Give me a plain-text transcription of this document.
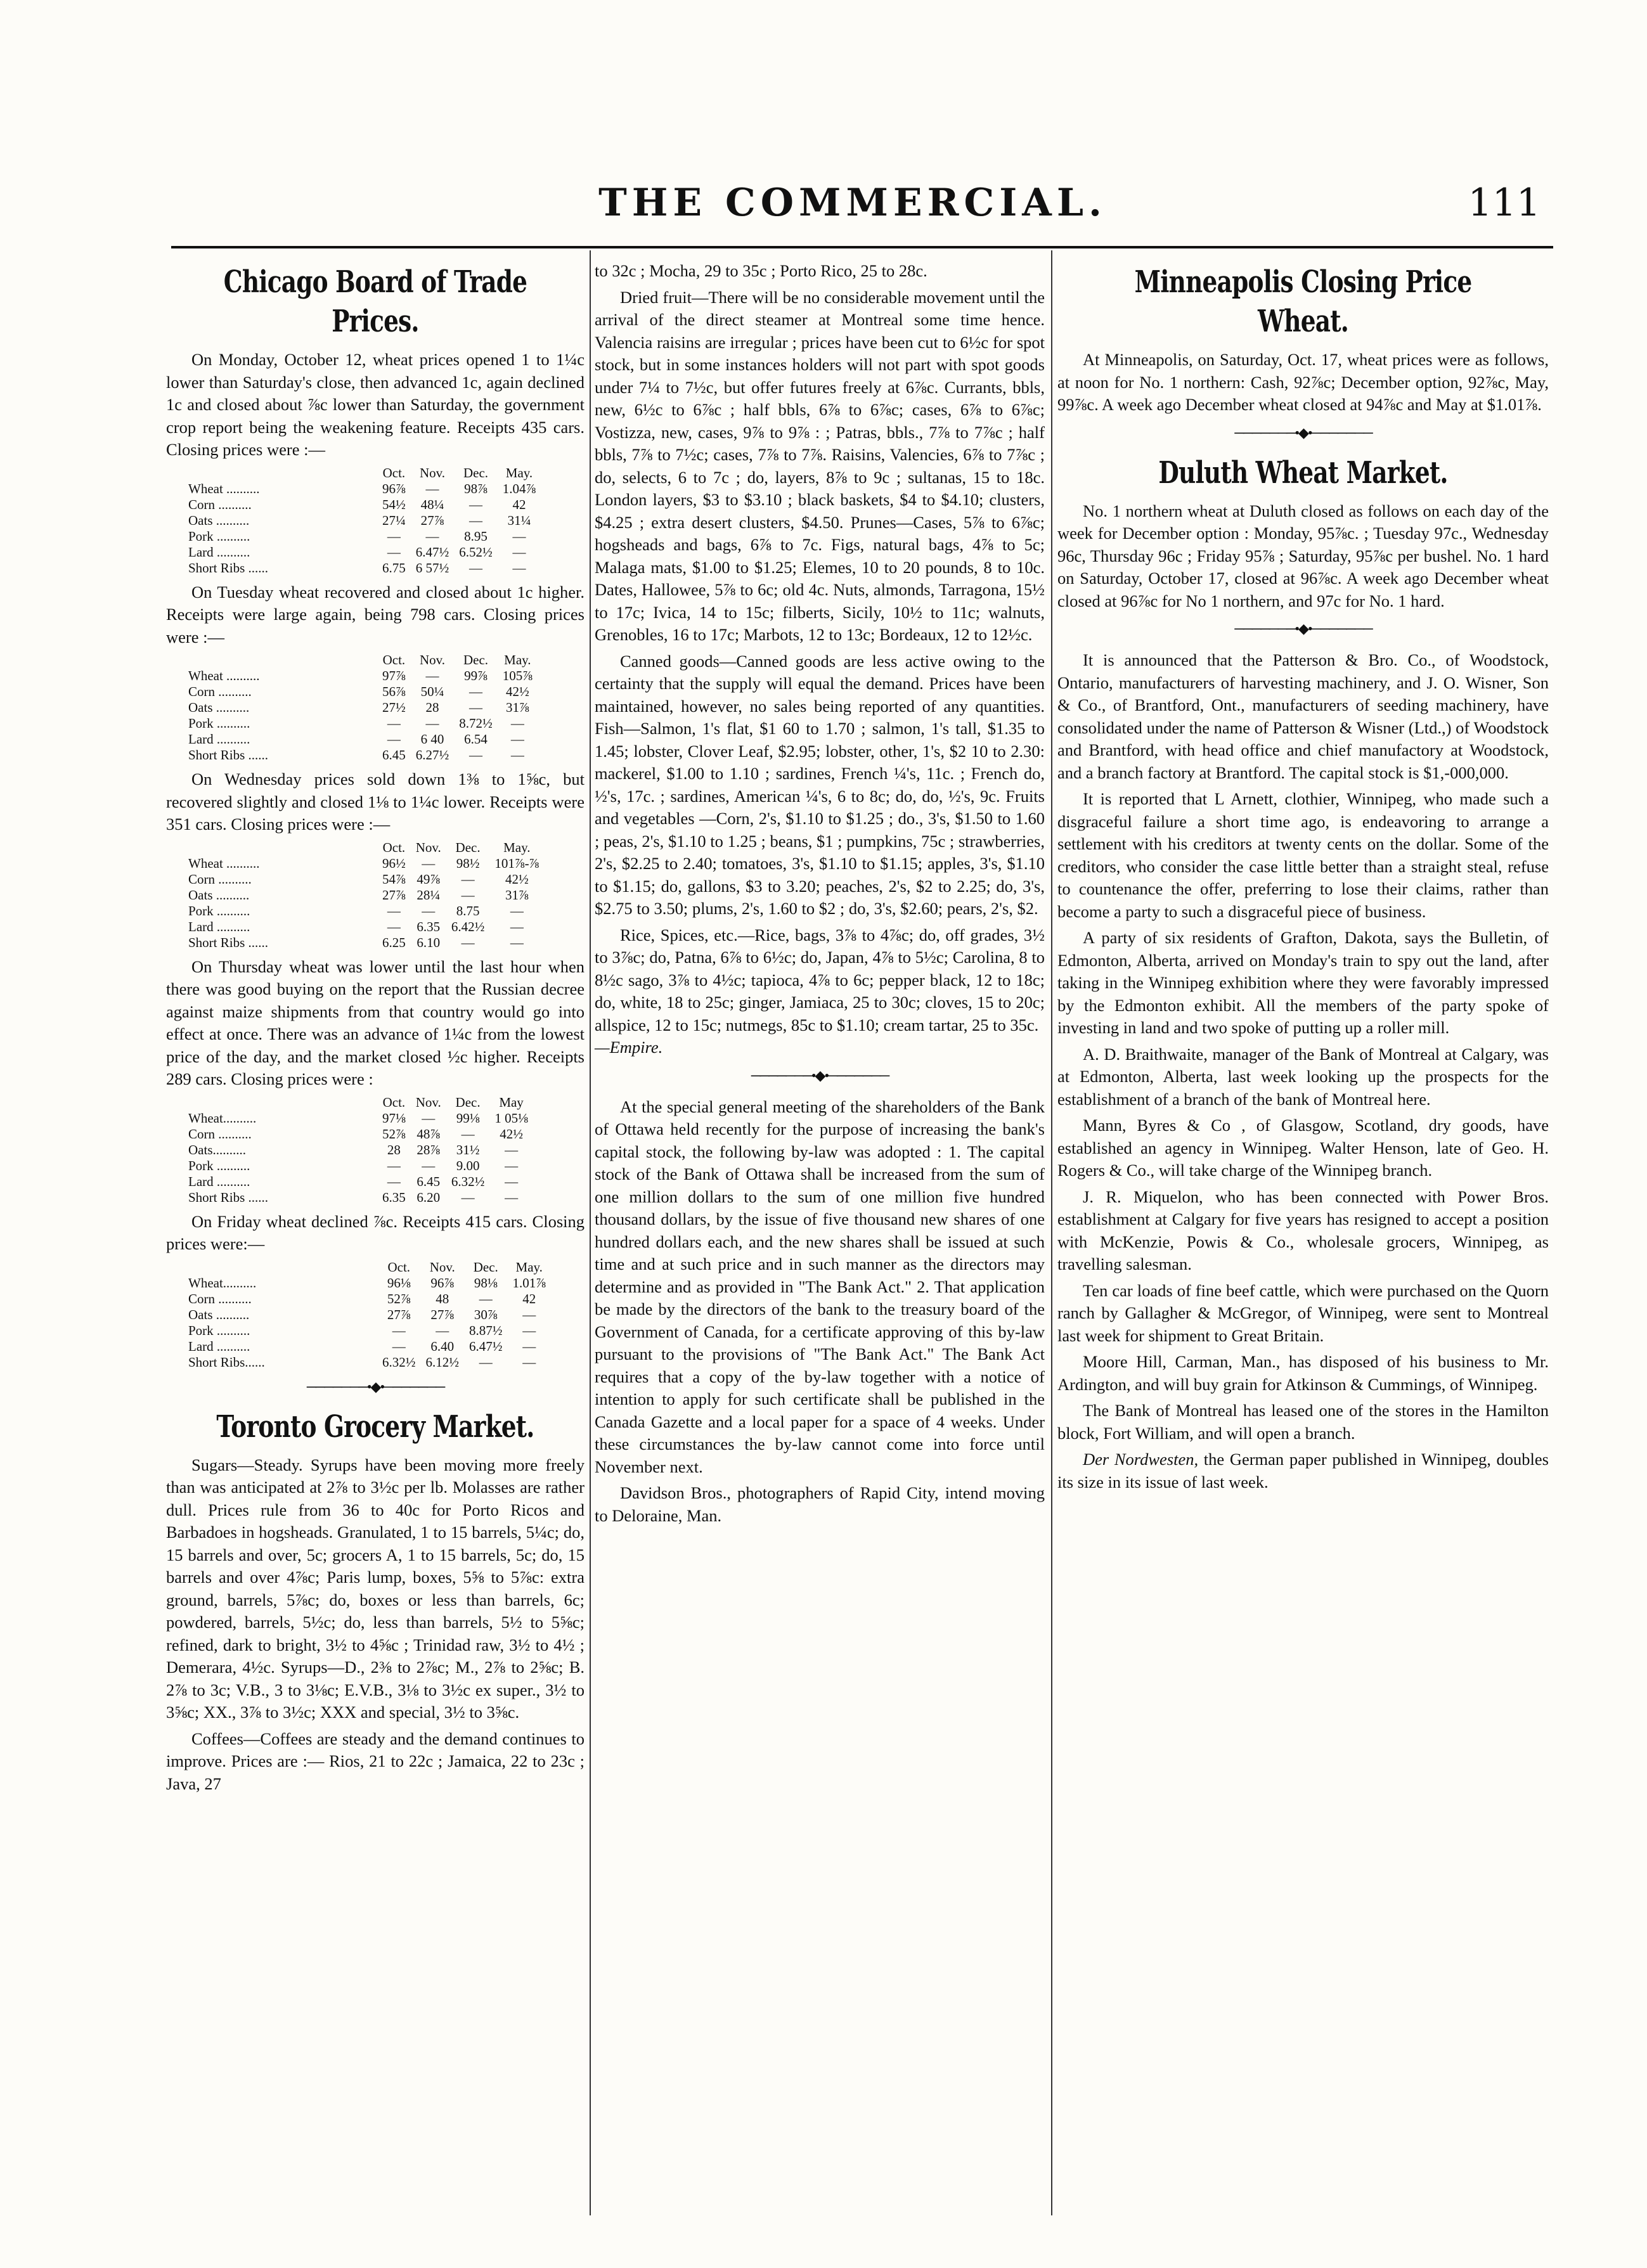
THE COMMERCIAL.	111
Chicago Board of Trade Prices.

On Monday, October 12, wheat prices opened 1 to 1¼c lower than Saturday's close, then advanced 1c, again declined 1c and closed about ⅞c lower than Saturday, the government crop report being the weakening feature. Receipts 435 cars. Closing prices were :—

	Oct.	Nov.	Dec.	May.
Wheat ..........	96⅞	—	98⅞	1.04⅞
Corn ..........	54½	48¼	—	42
Oats ..........	27¼	27⅞	—	31¼
Pork ..........	—	—	8.95	—
Lard ..........	—	6.47½	6.52½	—
Short Ribs ......	6.75	6 57½	—	—

On Tuesday wheat recovered and closed about 1c higher. Receipts were large again, being 798 cars. Closing prices were :—

	Oct.	Nov.	Dec.	May.
Wheat ..........	97⅞	—	99⅞	105⅞
Corn ..........	56⅞	50¼	—	42½
Oats ..........	27½	28	—	31⅞
Pork ..........	—	—	8.72½	—
Lard ..........	—	6 40	6.54	—
Short Ribs ......	6.45	6.27½	—	—

On Wednesday prices sold down 1⅜ to 1⅝c, but recovered slightly and closed 1⅛ to 1¼c lower. Receipts were 351 cars. Closing prices were :—

	Oct.	Nov.	Dec.	May.
Wheat ..........	96½	—	98½	101⅞-⅞
Corn ..........	54⅞	49⅞	—	42½
Oats ..........	27⅞	28¼	—	31⅞
Pork ..........	—	—	8.75	—
Lard ..........	—	6.35	6.42½	—
Short Ribs ......	6.25	6.10	—	—

On Thursday wheat was lower until the last hour when there was good buying on the report that the Russian decree against maize shipments from that country would go into effect at once. There was an advance of 1¼c from the lowest price of the day, and the market closed ½c higher. Receipts 289 cars. Closing prices were :

	Oct.	Nov.	Dec.	May
Wheat..........	97⅛	—	99⅛	1 05⅛
Corn ..........	52⅞	48⅞	—	42½
Oats..........	28	28⅞	31½	—
Pork ..........	—	—	9.00	—
Lard ..........	—	6.45	6.32½	—
Short Ribs ......	6.35	6.20	—	—

On Friday wheat declined ⅞c. Receipts 415 cars. Closing prices were:—

	Oct.	Nov.	Dec.	May.
Wheat..........	96⅛	96⅞	98⅛	1.01⅞
Corn ..........	52⅞	48	—	42
Oats ..........	27⅞	27⅞	30⅞	—
Pork ..........	—	—	8.87½	—
Lard ..........	—	6.40	6.47½	—
Short Ribs......	6.32½	6.12½	—	—
───────•◆•───────
Toronto Grocery Market.

Sugars—Steady. Syrups have been moving more freely than was anticipated at 2⅞ to 3½c per lb. Molasses are rather dull. Prices rule from 36 to 40c for Porto Ricos and Barbadoes in hogsheads. Granulated, 1 to 15 barrels, 5¼c; do, 15 barrels and over, 5c; grocers A, 1 to 15 barrels, 5c; do, 15 barrels and over 4⅞c; Paris lump, boxes, 5⅝ to 5⅞c: extra ground, barrels, 5⅞c; do, boxes or less than barrels, 6c; powdered, barrels, 5½c; do, less than barrels, 5½ to 5⅝c; refined, dark to bright, 3½ to 4⅝c ; Trinidad raw, 3½ to 4½ ; Demerara, 4½c. Syrups—D., 2⅜ to 2⅞c; M., 2⅞ to 2⅝c; B. 2⅞ to 3c; V.B., 3 to 3⅛c; E.V.B., 3⅛ to 3½c ex super., 3½ to 3⅝c; XX., 3⅞ to 3½c; XXX and special, 3½ to 3⅝c.

Coffees—Coffees are steady and the demand continues to improve. Prices are :— Rios, 21 to 22c ; Jamaica, 22 to 23c ; Java, 27

to 32c ; Mocha, 29 to 35c ; Porto Rico, 25 to 28c.

Dried fruit—There will be no considerable movement until the arrival of the direct steamer at Montreal some time hence. Valencia raisins are irregular ; prices have been cut to 6½c for spot stock, but in some instances holders will not part with spot goods under 7¼ to 7½c, but offer futures freely at 6⅞c. Currants, bbls, new, 6½c to 6⅞c ; half bbls, 6⅞ to 6⅞c; cases, 6⅞ to 6⅞c; Vostizza, new, cases, 9⅞ to 9⅞ : ; Patras, bbls., 7⅞ to 7⅞c ; half bbls, 7⅞ to 7½c; cases, 7⅞ to 7⅞. Raisins, Valencies, 6⅞ to 7⅞c ; do, selects, 6 to 7c ; do, layers, 8⅞ to 9c ; sultanas, 15 to 18c. London layers, $3 to $3.10 ; black baskets, $4 to $4.10; clusters, $4.25 ; extra desert clusters, $4.50. Prunes—Cases, 5⅞ to 6⅞c; hogsheads and bags, 6⅞ to 7c. Figs, natural bags, 4⅞ to 5c; Malaga mats, $1.00 to $1.25; Elemes, 10 to 20 pounds, 8 to 10c. Dates, Hallowee, 5⅞ to 6c; old 4c. Nuts, almonds, Tarragona, 15½ to 17c; Ivica, 14 to 15c; filberts, Sicily, 10½ to 11c; walnuts, Grenobles, 16 to 17c; Marbots, 12 to 13c; Bordeaux, 12 to 12½c.

Canned goods—Canned goods are less active owing to the certainty that the supply will equal the demand. Prices have been maintained, however, no sales being reported of any quantities. Fish—Salmon, 1's flat, $1 60 to 1.70 ; salmon, 1's tall, $1.35 to 1.45; lobster, Clover Leaf, $2.95; lobster, other, 1's, $2 10 to 2.30: mackerel, $1.00 to 1.10 ; sardines, French ¼'s, 11c. ; French do, ½'s, 17c. ; sardines, American ¼'s, 6 to 8c; do, do, ½'s, 9c. Fruits and vegetables —Corn, 2's, $1.10 to $1.25 ; do., 3's, $1.50 to 1.60 ; peas, 2's, $1.10 to 1.25 ; beans, $1 ; pumpkins, 75c ; strawberries, 2's, $2.25 to 2.40; tomatoes, 3's, $1.10 to $1.15; apples, 3's, $1.10 to $1.15; do, gallons, $3 to 3.20; peaches, 2's, $2 to 2.25; do, 3's, $2.75 to 3.50; plums, 2's, 1.60 to $2 ; do, 3's, $2.60; pears, 2's, $2.

Rice, Spices, etc.—Rice, bags, 3⅞ to 4⅞c; do, off grades, 3½ to 3⅞c; do, Patna, 6⅞ to 6½c; do, Japan, 4⅞ to 5½c; Carolina, 8 to 8½c sago, 3⅞ to 4½c; tapioca, 4⅞ to 6c; pepper black, 12 to 18c; do, white, 18 to 25c; ginger, Jamiaca, 25 to 30c; cloves, 15 to 20c; allspice, 12 to 15c; nutmegs, 85c to $1.10; cream tartar, 25 to 35c.
—Empire.

───────•◆•───────

At the special general meeting of the shareholders of the Bank of Ottawa held recently for the purpose of increasing the bank's capital stock, the following by-law was adopted : 1. The capital stock of the Bank of Ottawa shall be increased from the sum of one million dollars to the sum of one million five hundred thousand dollars, by the issue of five thousand new shares of one hundred dollars each, and the new shares shall be issued at such time and at such price and in such manner as the directors may determine and as provided in "The Bank Act." 2. That application be made by the directors of the bank to the treasury board of the Government of Canada, for a certificate approving of this by-law pursuant to the provisions of "The Bank Act." The Bank Act requires that a copy of the by-law together with a notice of intention to apply for such certificate shall be published in the Canada Gazette and a local paper for a space of 4 weeks. Under these circumstances the by-law cannot come into force until November next.

Davidson Bros., photographers of Rapid City, intend moving to Deloraine, Man.

Minneapolis Closing Price Wheat.

At Minneapolis, on Saturday, Oct. 17, wheat prices were as follows, at noon for No. 1 northern: Cash, 92⅞c; December option, 92⅞c, May, 99⅞c. A week ago December wheat closed at 94⅞c and May at $1.01⅞.

───────•◆•───────
Duluth Wheat Market.

No. 1 northern wheat at Duluth closed as follows on each day of the week for December option : Monday, 95⅞c. ; Tuesday 97c., Wednesday 96c, Thursday 96c ; Friday 95⅞ ; Saturday, 95⅞c per bushel. No. 1 hard on Saturday, October 17, closed at 96⅞c. A week ago December wheat closed at 96⅞c for No 1 northern, and 97c for No. 1 hard.

───────•◆•───────

It is announced that the Patterson & Bro. Co., of Woodstock, Ontario, manufacturers of harvesting machinery, and J. O. Wisner, Son & Co., of Brantford, Ont., manufacturers of seeding machinery, have consolidated under the name of Patterson & Wisner (Ltd.,) of Woodstock and Brantford, with head office and chief manufactory at Woodstock, and a branch factory at Brantford. The capital stock is $1,-000,000.

It is reported that L Arnett, clothier, Winnipeg, who made such a disgraceful failure a short time ago, is endeavoring to arrange a settlement with his creditors at twenty cents on the dollar. Some of the creditors, who consider the case little better than a straight steal, refuse to countenance the offer, preferring to lose their claims, rather than become a party to such a disgraceful piece of business.

A party of six residents of Grafton, Dakota, says the Bulletin, of Edmonton, Alberta, arrived on Monday's train to spy out the land, after taking in the Winnipeg exhibition where they were favorably impressed by the Edmonton exhibit. All the members of the party spoke of investing in land and two spoke of putting up a roller mill.

A. D. Braithwaite, manager of the Bank of Montreal at Calgary, was at Edmonton, Alberta, last week looking up the prospects for the establishment of a branch of the bank of Montreal here.

Mann, Byres & Co , of Glasgow, Scotland, dry goods, have established an agency in Winnipeg. Walter Henson, late of Geo. H. Rogers & Co., will take charge of the Winnipeg branch.

J. R. Miquelon, who has been connected with Power Bros. establishment at Calgary for five years has resigned to accept a position with McKenzie, Powis & Co., wholesale grocers, Winnipeg, as travelling salesman.

Ten car loads of fine beef cattle, which were purchased on the Quorn ranch by Gallagher & McGregor, of Winnipeg, were sent to Montreal last week for shipment to Great Britain.

Moore Hill, Carman, Man., has disposed of his business to Mr. Ardington, and will buy grain for Atkinson & Cummings, of Winnipeg.

The Bank of Montreal has leased one of the stores in the Hamilton block, Fort William, and will open a branch.

Der Nordwesten, the German paper published in Winnipeg, doubles its size in its issue of last week.
